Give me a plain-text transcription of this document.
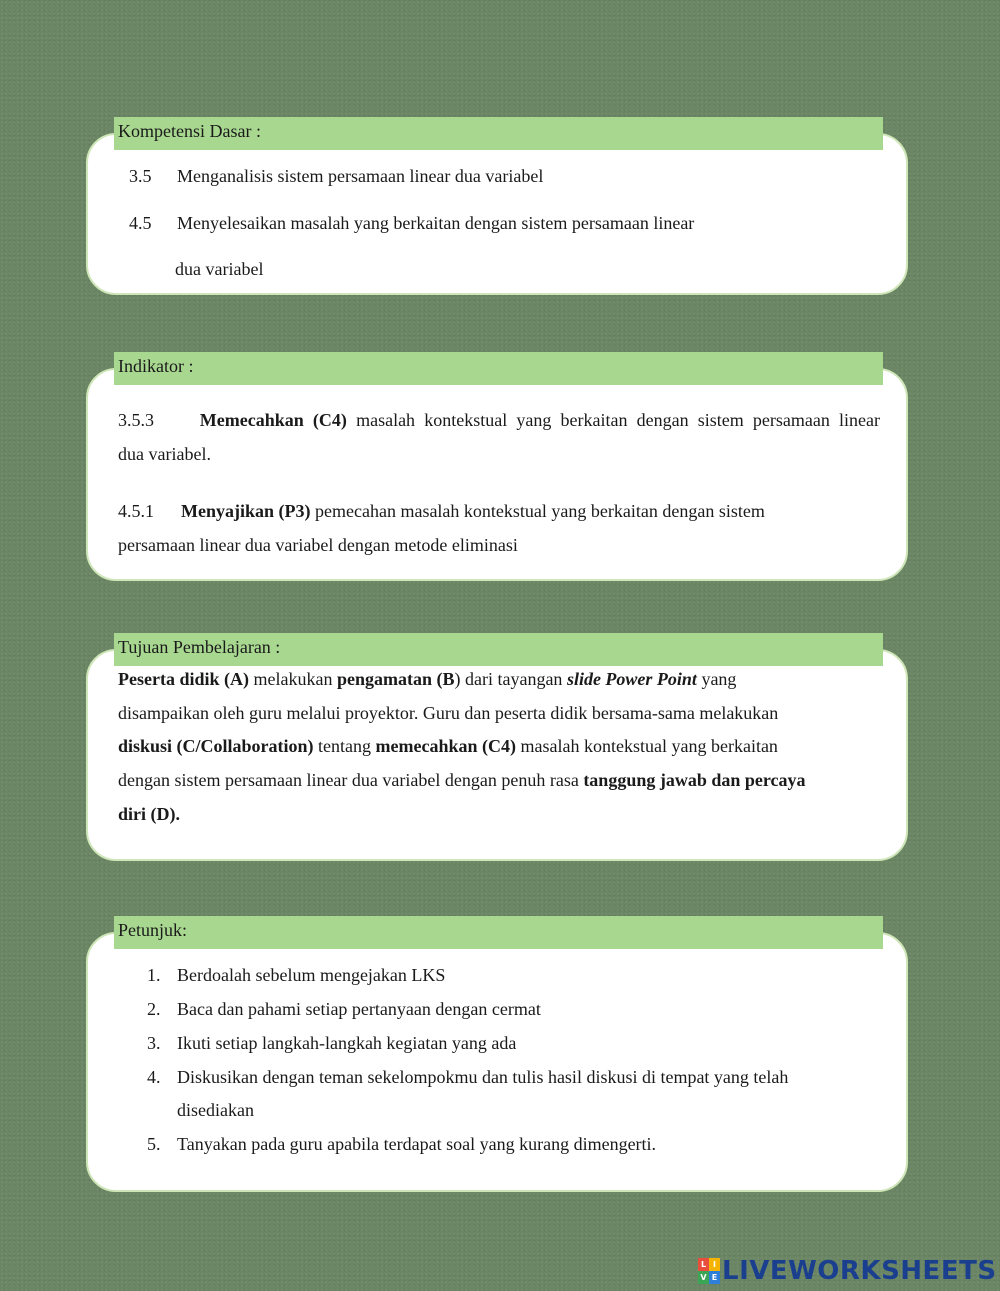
Kompetensi Dasar :
3.5 Menganalisis sistem persamaan linear dua variabel
4.5 Menyelesaikan masalah yang berkaitan dengan sistem persamaan linear
dua variabel
Indikator :
3.5.3	Memecahkan (C4) masalah kontekstual yang berkaitan dengan sistem persamaan linear
dua variabel.
4.5.1 Menyajikan (P3) pemecahan masalah kontekstual yang berkaitan dengan sistem
persamaan linear dua variabel dengan metode eliminasi
Tujuan Pembelajaran :
Peserta didik (A) melakukan pengamatan (B) dari tayangan slide Power Point yang
disampaikan oleh guru melalui proyektor. Guru dan peserta didik bersama-sama melakukan
diskusi (C/Collaboration) tentang memecahkan (C4) masalah kontekstual yang berkaitan
dengan sistem persamaan linear dua variabel dengan penuh rasa tanggung jawab dan percaya
diri (D).
Petunjuk:
1. Berdoalah sebelum mengejakan LKS
2. Baca dan pahami setiap pertanyaan dengan cermat
3. Ikuti setiap langkah-langkah kegiatan yang ada
4. Diskusikan dengan teman sekelompokmu dan tulis hasil diskusi di tempat yang telah
disediakan
5. Tanyakan pada guru apabila terdapat soal yang kurang dimengerti.
L I
V E LIVEWORKSHEETS
